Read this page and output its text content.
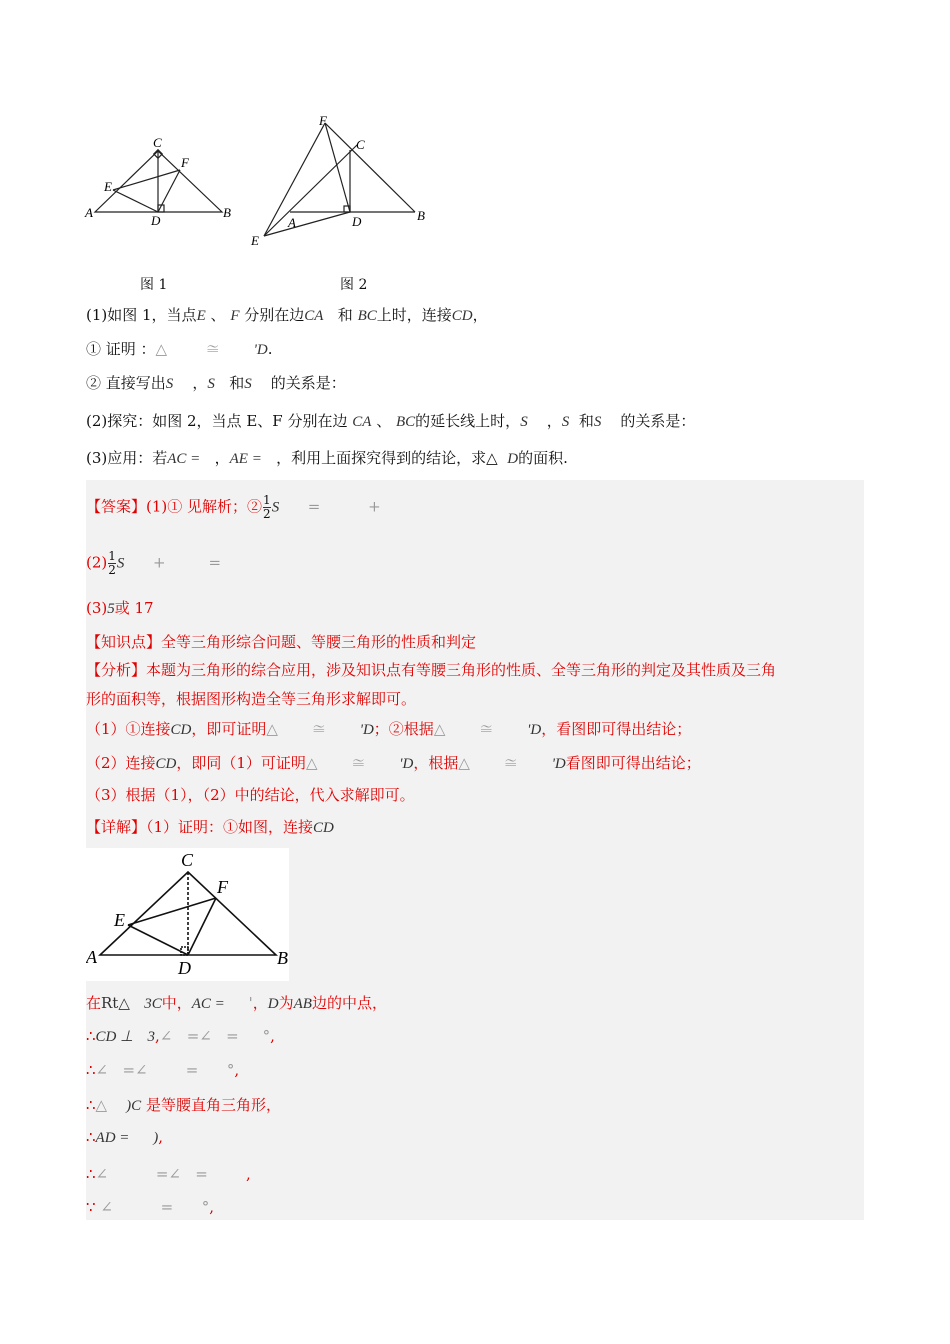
A	B
C
D
E
F
F
C
A	B
D
E
图 1	图 2
(1)如图 1，当点E 、 F 分别在边CA 和 BC上时，连接CD，
① 证明 ：△	≅ 'D.
② 直接写出S ，S 和S 的关系是：
(2)探究：如图 2，当点 E、F 分别在边 CA 、 BC的延长线上时，S ，S 和S 的关系是：
(3)应用：若AC = ，AE = ，利用上面探究得到的结论，求△ D的面积.
【答案】(1)① 见解析；② $\frac{1}{2}$ S =	+
$(2) \frac{1}{2}$ S +	=
(3)5或 17
【知识点】全等三角形综合问题、等腰三角形的性质和判定
【分析】本题为三角形的综合应用，涉及知识点有等腰三角形的性质、全等三角形的判定及其性质及三角
形的面积等，根据图形构造全等三角形求解即可。
（1）①连接CD，即可证明△ ≅ 'D；②根据△ ≅ 'D，看图即可得出结论；
（2）连接CD，即同（1）可证明△ ≅ 'D，根据△ ≅ 'D看图即可得出结论；
（3）根据（1），（2）中的结论，代入求解即可。
【详解】（1）证明：①如图，连接CD
A	B
C
D
E
F
在Rt△ 3C中，AC = '，D为AB边的中点，
∴CD ⊥ 3,∠ =∠ = °,
∴∠ =∠	= °,
∴△ )C 是等腰直角三角形，
∴AD = ),
∴∠	=∠ =	,
∵ ∠	= °,
